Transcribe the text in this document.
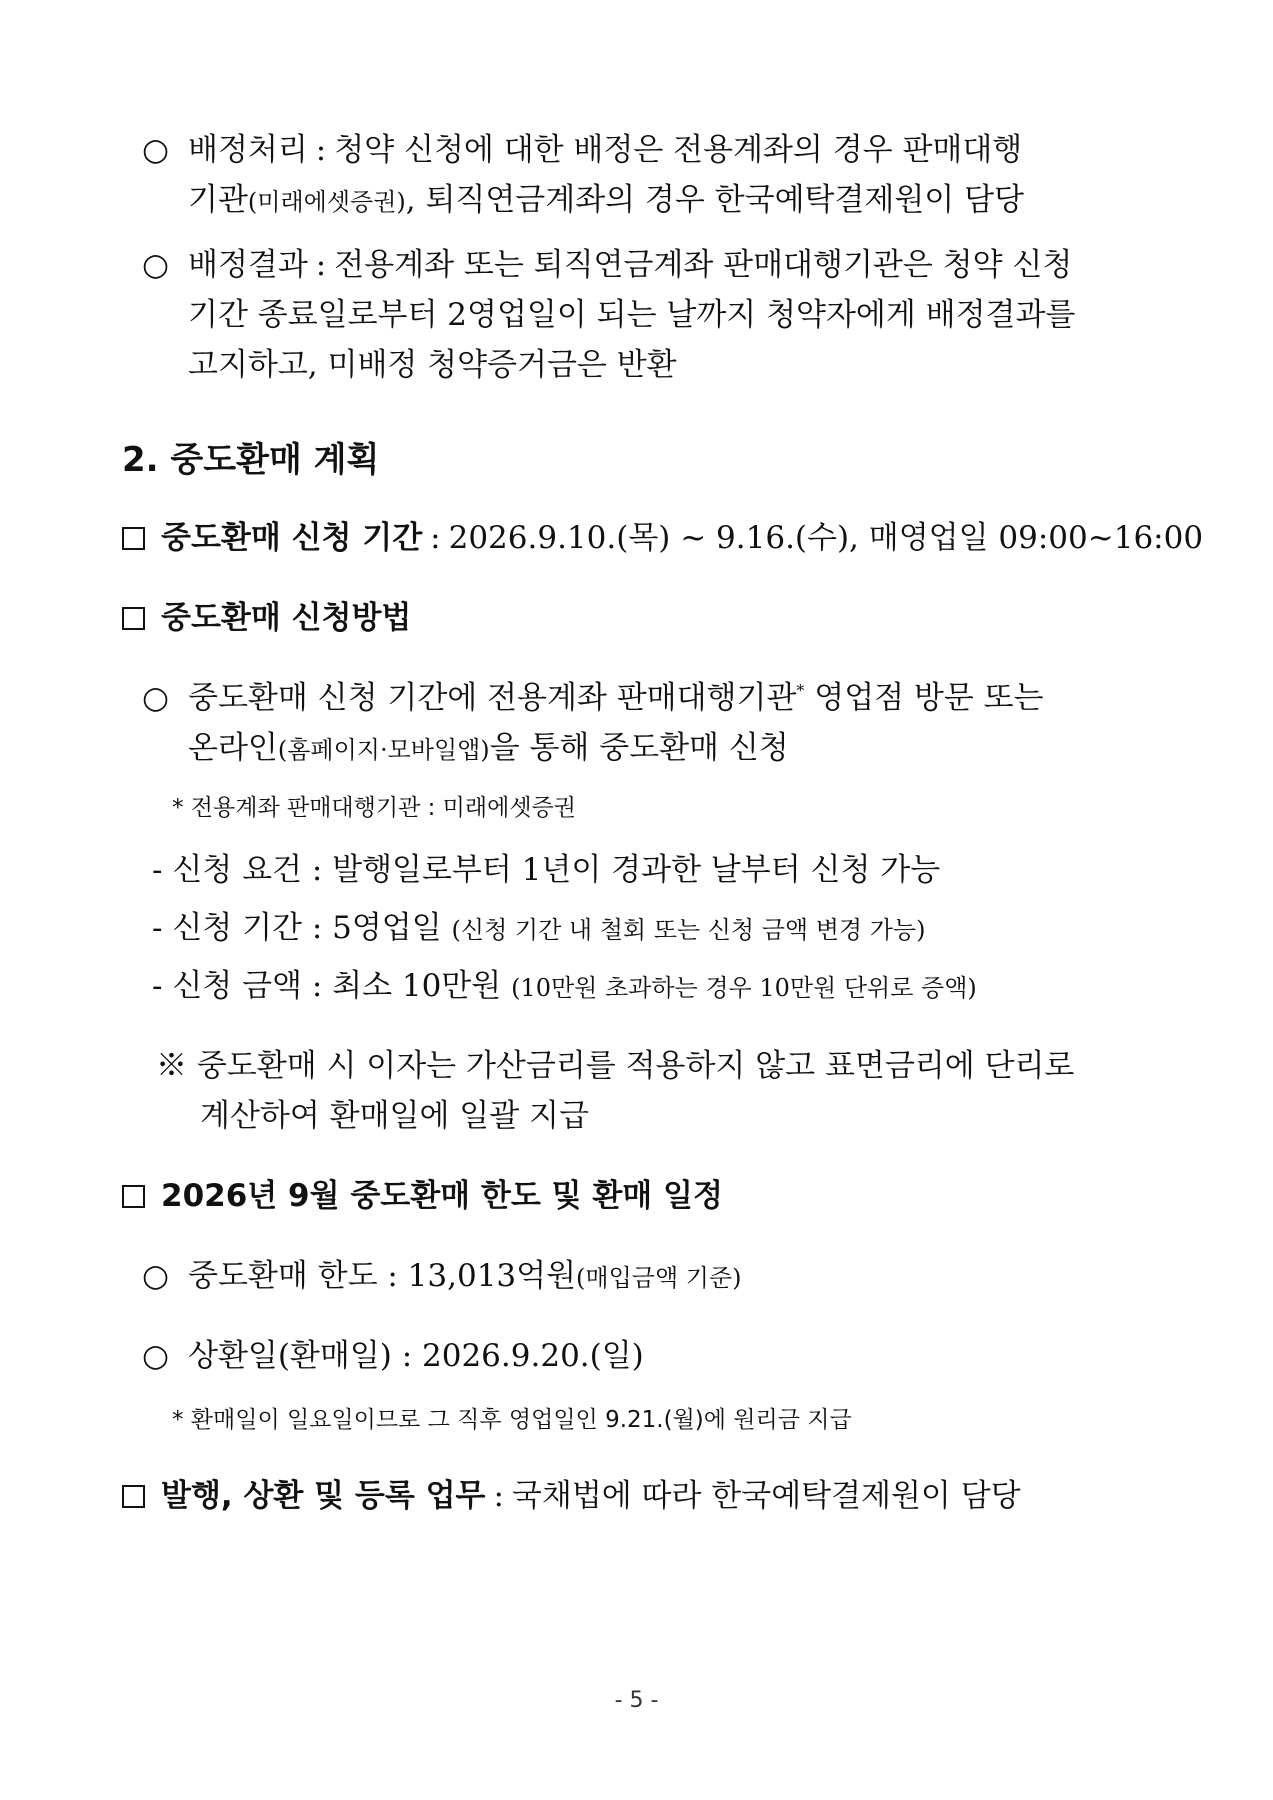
○ 배정처리 : 청약 신청에 대한 배정은 전용계좌의 경우 판매대행
기관(미래에셋증권), 퇴직연금계좌의 경우 한국예탁결제원이 담당
○ 배정결과 : 전용계좌 또는 퇴직연금계좌 판매대행기관은 청약 신청
기간 종료일로부터 2영업일이 되는 날까지 청약자에게 배정결과를
고지하고, 미배정 청약증거금은 반환
2. 중도환매 계획
중도환매 신청 기간 : 2026.9.10.(목) ~ 9.16.(수), 매영업일 09:00~16:00
중도환매 신청방법
○ 중도환매 신청 기간에 전용계좌 판매대행기관* 영업점 방문 또는
온라인(홈페이지·모바일앱)을 통해 중도환매 신청
* 전용계좌 판매대행기관 : 미래에셋증권
- 신청 요건 : 발행일로부터 1년이 경과한 날부터 신청 가능
- 신청 기간 : 5영업일 (신청 기간 내 철회 또는 신청 금액 변경 가능)
- 신청 금액 : 최소 10만원 (10만원 초과하는 경우 10만원 단위로 증액)
※ 중도환매 시 이자는 가산금리를 적용하지 않고 표면금리에 단리로
계산하여 환매일에 일괄 지급
2026년 9월 중도환매 한도 및 환매 일정
○ 중도환매 한도 : 13,013억원(매입금액 기준)
○ 상환일(환매일) : 2026.9.20.(일)
* 환매일이 일요일이므로 그 직후 영업일인 9.21.(월)에 원리금 지급
발행, 상환 및 등록 업무 : 국채법에 따라 한국예탁결제원이 담당
- 5 -
